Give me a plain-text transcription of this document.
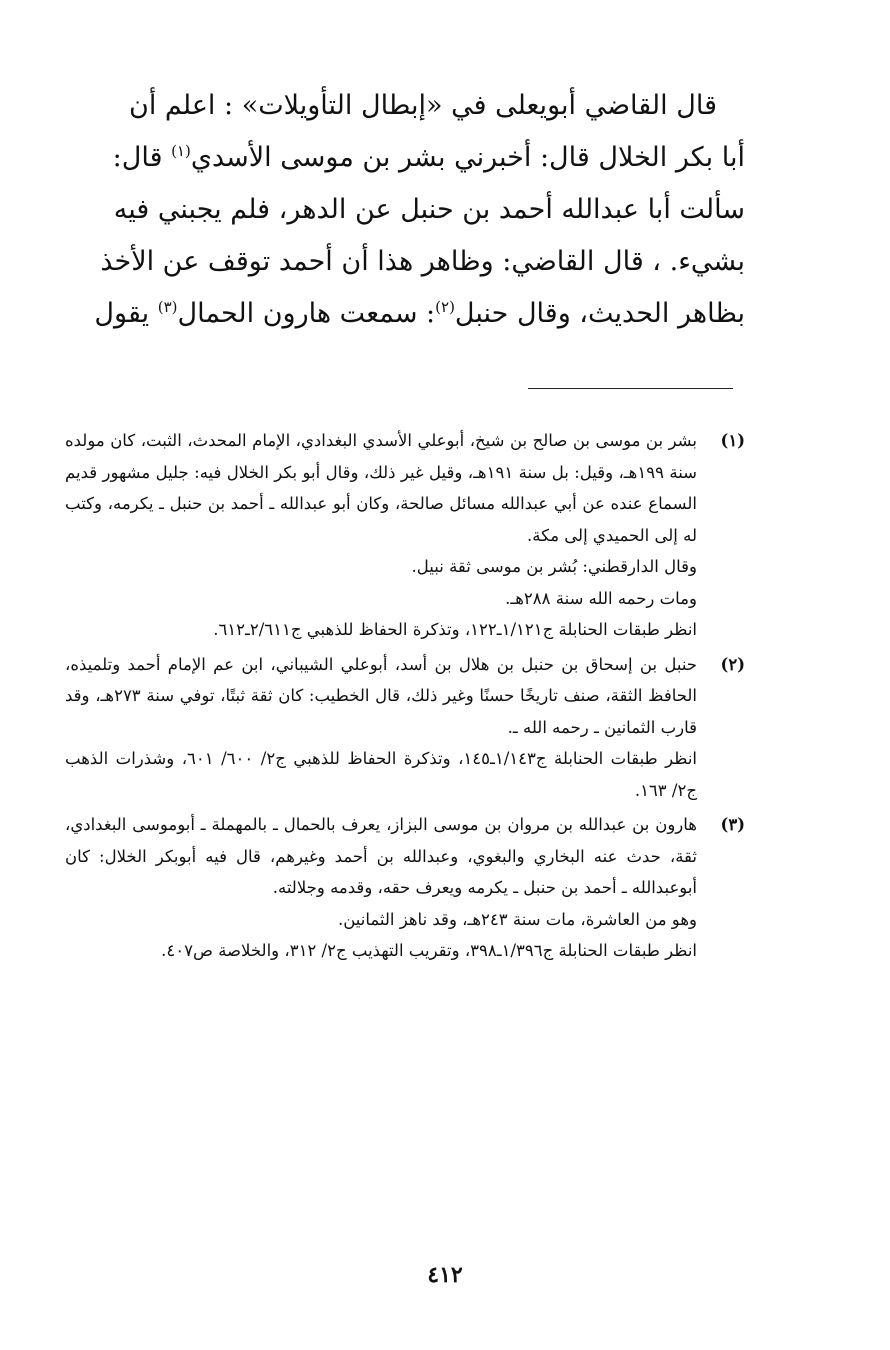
قال القاضي أبويعلى في «إبطال التأويلات» : اعلم أن
أبا بكر الخلال قال: أخبرني بشر بن موسى الأسدي$^{(١)}$ قال:
سألت أبا عبدالله أحمد بن حنبل عن الدهر، فلم يجبني فيه
بشيء. ، قال القاضي: وظاهر هذا أن أحمد توقف عن الأخذ
بظاهر الحديث، وقال حنبل$^{(٢)}$: سمعت هارون الحمال$^{(٣)}$ يقول

(١)

بشر بن موسى بن صالح بن شيخ، أبوعلي الأسدي البغدادي، الإمام المحدث، الثبت، كان مولده سنة ١٩٩هـ، وقيل: بل سنة ١٩١هـ، وقيل غير ذلك، وقال أبو بكر الخلال فيه: جليل مشهور قديم السماع عنده عن أبي عبدالله مسائل صالحة، وكان أبو عبدالله ـ أحمد بن حنبل ـ يكرمه، وكتب له إلى الحميدي إلى مكة.

وقال الدارقطني: بُشر بن موسى ثقة نبيل.

ومات رحمه الله سنة ٢٨٨هـ.

انظر طبقات الحنابلة ج١/١٢١ـ١٢٢، وتذكرة الحفاظ للذهبي ج٢/٦١١ـ٦١٢.

(٢)

حنبل بن إسحاق بن حنبل بن هلال بن أسد، أبوعلي الشيباني، ابن عم الإمام أحمد وتلميذه، الحافظ الثقة، صنف تاريخًا حسنًا وغير ذلك، قال الخطيب: كان ثقة ثبتًا، توفي سنة ٢٧٣هـ، وقد قارب الثمانين ـ رحمه الله ـ.

انظر طبقات الحنابلة ج١/١٤٣ـ١٤٥، وتذكرة الحفاظ للذهبي ج٢/ ٦٠٠/ ٦٠١، وشذرات الذهب ج٢/ ١٦٣.

(٣)

هارون بن عبدالله بن مروان بن موسى البزاز، يعرف بالحمال ـ بالمهملة ـ أبوموسى البغدادي، ثقة، حدث عنه البخاري والبغوي، وعبدالله بن أحمد وغيرهم، قال فيه أبوبكر الخلال: كان أبوعبدالله ـ أحمد بن حنبل ـ يكرمه ويعرف حقه، وقدمه وجلالته.

وهو من العاشرة، مات سنة ٢٤٣هـ، وقد ناهز الثمانين.

انظر طبقات الحنابلة ج١/٣٩٦ـ٣٩٨، وتقريب التهذيب ج٢/ ٣١٢، والخلاصة ص٤٠٧.

٤١٢
